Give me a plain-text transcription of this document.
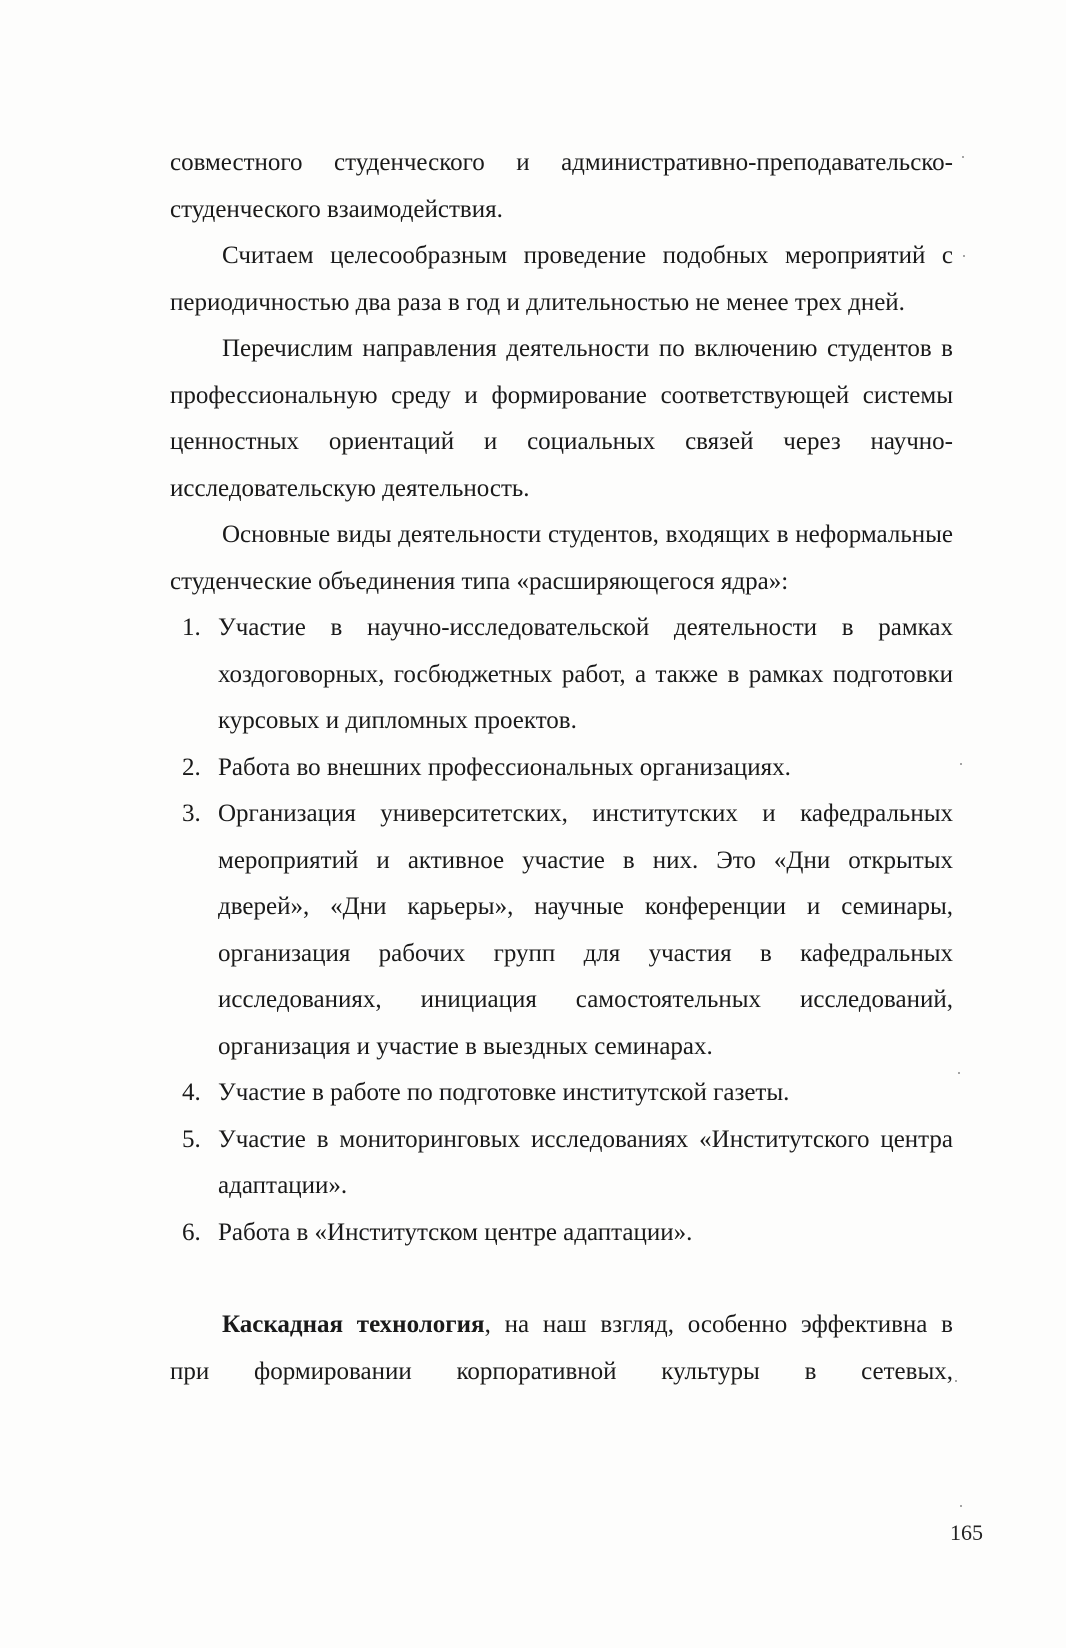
совместного студенческого и административно-преподавательско-

студенческого взаимодействия.

Считаем целесообразным проведение подобных мероприятий с периодичностью два раза в год и длительностью не менее трех дней.

Перечислим направления деятельности по включению студентов в профессиональную среду и формирование соответствующей системы ценностных ориентаций и социальных связей через научно-исследовательскую деятельность.

Основные виды деятельности студентов, входящих в неформальные студенческие объединения типа «расширяющегося ядра»:

1. Участие в научно-исследовательской деятельности в рамках хоздоговорных, госбюджетных работ, а также в рамках подготовки курсовых и дипломных проектов.
2. Работа во внешних профессиональных организациях.
3. Организация университетских, институтских и кафедральных мероприятий и активное участие в них. Это «Дни открытых дверей», «Дни карьеры», научные конференции и семинары, организация рабочих групп для участия в кафедральных исследованиях, инициация самостоятельных исследований, организация и участие в выездных семинарах.
4. Участие в работе по подготовке институтской газеты.
5. Участие в мониторинговых исследованиях «Институтского центра адаптации».
6. Работа в «Институтском центре адаптации».

Каскадная технология, на наш взгляд, особенно эффективна в

при формировании корпоративной культуры в сетевых,

165
